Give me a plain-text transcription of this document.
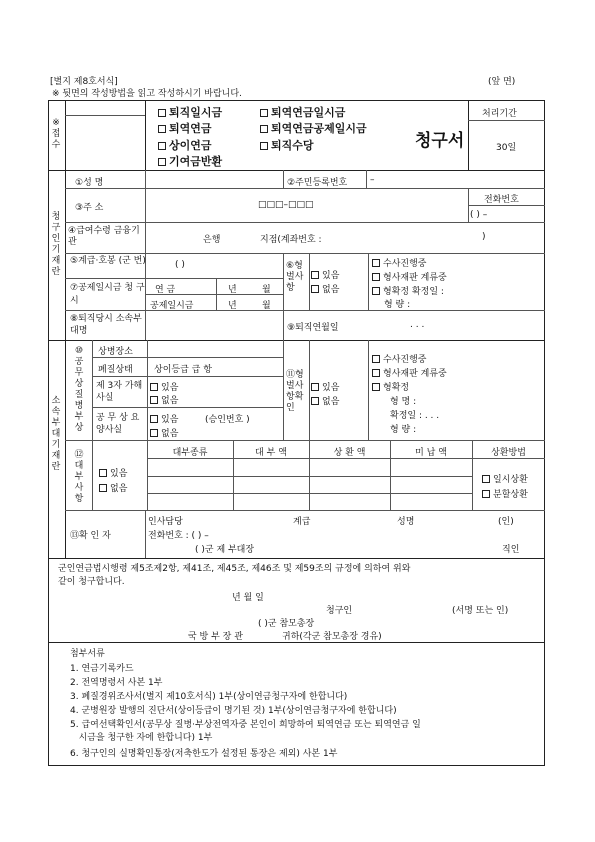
[별지 제8호서식]	(앞 면)
※ 뒷면의 작성방법을 읽고 작성하시기 바랍니다.
※접수
퇴직일시금	퇴역연금일시금
퇴역연금	퇴역연금공제일시금
상이연금	퇴직수당
기여금반환
청구서
처리기간
30일
청구인기재란
①성 명	②주민등록번호	–
③주 소	□□□–□□□	전화번호
( ) –
④급여수령 금융기관	은행	지점(계좌번호 :	)
⑤계급·호봉 (군 번)	( )	⑥형벌사항
있음
없음
수사진행중
형사재판 계류중
형확정 확정일 :
형 량 :
⑦공제일시금 청 구 시
연 금	년	월
공제일시금	년	월
⑧퇴직당시 소속부대명	⑨퇴직연월일	. . .
소속부대기재란
⑩공무상질병부상
상병장소
폐질상태 상이등급 급 항
제 3자 가해사실
있음
없음
공 무 상 요양사실
있음	(승인번호 )
없음
⑪형벌사항확인
있음
없음
수사진행중
형사재판 계류중
형확정
형 명 :
확정일 : . . .
형 량 :
⑫대부사항
있음
없음
대부종류	대 부 액	상 환 액	미 납 액	상환방법
일시상환
분할상환
⑬확 인 자
인사담당	계급	성명	(인)
전화번호 : ( ) –
( )군 제 부대장	직인
군인연금법시행령 제5조제2항, 제41조, 제45조, 제46조 및 제59조의 규정에 의하여 위와
같이 청구합니다.
년 월 일
청구인	(서명 또는 인)
( )군 참모총장
국 방 부 장 관	귀하(각군 참모총장 경유)
첨부서류
1. 연금기록카드
2. 전역명령서 사본 1부
3. 폐질경위조사서(별지 제10호서식) 1부(상이연금청구자에 한합니다)
4. 군병원장 발행의 진단서(상이등급이 명기된 것) 1부(상이연금청구자에 한합니다)
5. 급여선택확인서(공무상 질병·부상전역자중 본인이 희망하여 퇴역연금 또는 퇴역연금 일
시금을 청구한 자에 한합니다) 1부
6. 청구인의 실명확인통장(저축한도가 설정된 통장은 제외) 사본 1부
